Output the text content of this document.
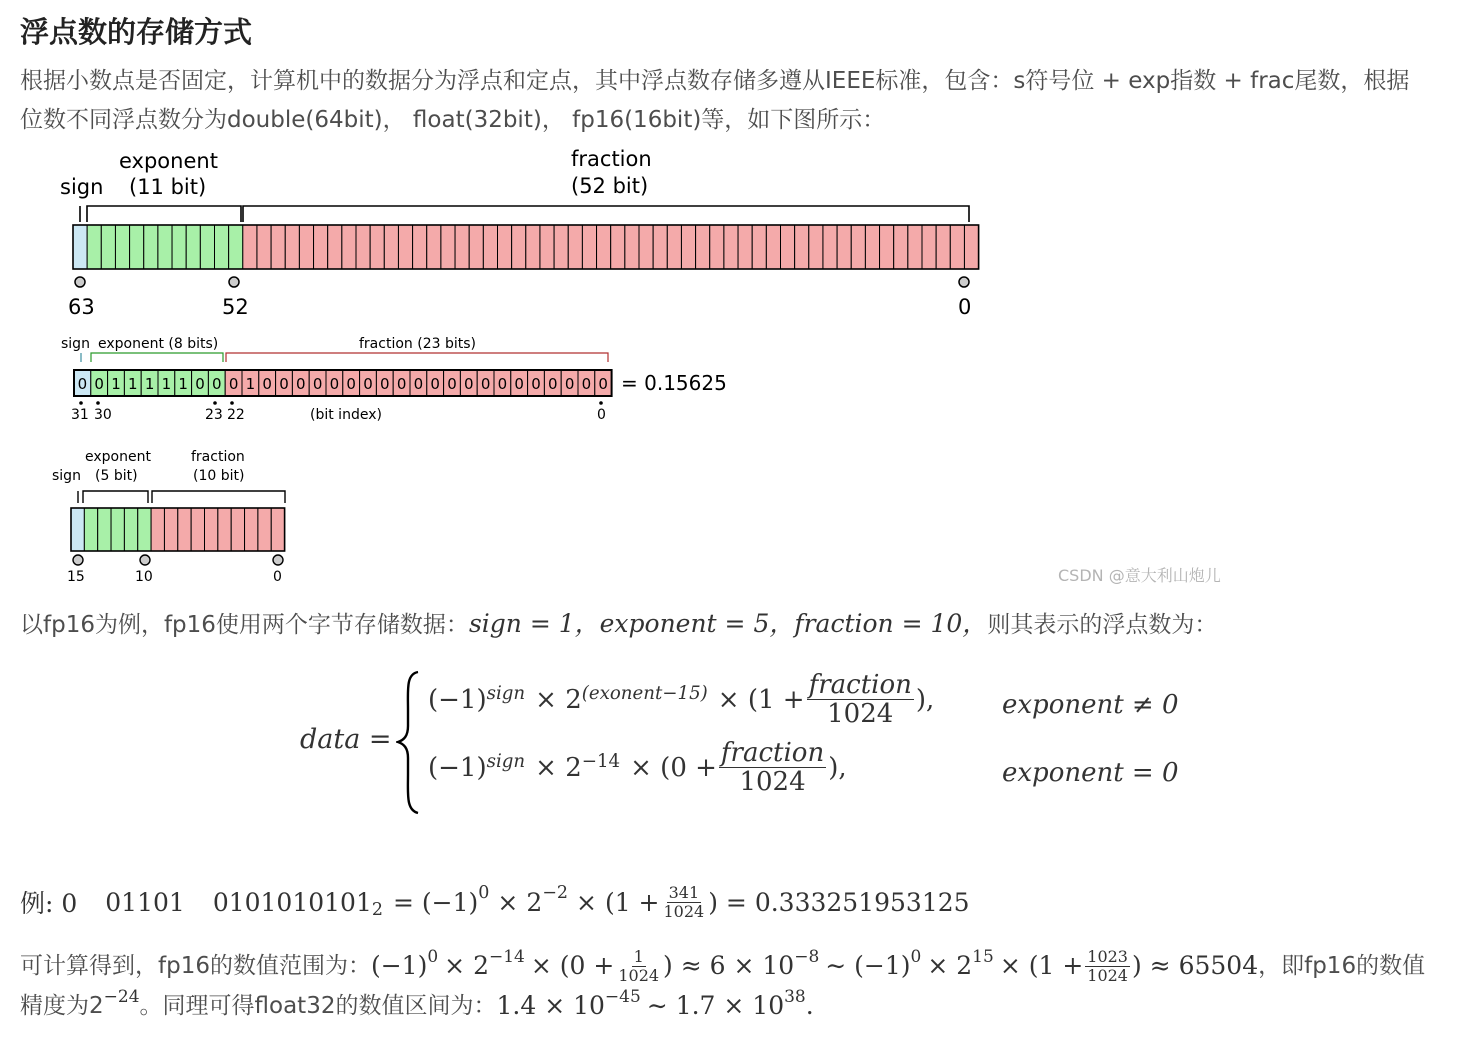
浮点数的存储方式
根据小数点是否固定，计算机中的数据分为浮点和定点，其中浮点数存储多遵从IEEE标准，包含：s符号位 + exp指数 + frac尾数，根据
位数不同浮点数分为double(64bit)， float(32bit)， fp16(16bit)等，如下图所示：
exponent
sign (11 bit)
fraction
(52 bit)
63	52	0
sign exponent (8 bits)	fraction (23 bits)
0 0 1 1 1 1 1 0 0 0 1 0 0 0 0 0 0 0 0 0 0 0 0 0 0 0 0 0 0 0 0 0 = 0.15625
31 30	23 22	(bit index)	0
exponent	fraction
sign (5 bit)	(10 bit)
15	10	0	CSDN @意大利山炮儿
以fp16为例，fp16使用两个字节存储数据：sign = 1，exponent = 5，fraction = 10，则其表示的浮点数为：
data =
$(-1)^{sign} \times 2^{(exonent-15)} \times (1 + \frac{\text{fraction}}{1024}$ ),	exponent ≠ 0
$(-1)^{sign} \times 2^{-14} \times (0 + \frac{\text{fraction}}{1024}$ ),	exponent = 0
例: 0 01101 $0101010101_2 = (-1)^0 \times 2^{-2} \times (1 + \frac{341}{1024}$ ) = 0.333251953125
可计算得到，fp16的数值范围为： $(-1)^0 \times 2^{-14} \times (0 + \frac{1}{1024}$ ) ≈ $6 \times 10^{-8}$ ∼ $(-1)^0 \times 2^{15} \times (1 + \frac{1023}{1024}$ ) ≈ 65504 ，即fp16的数值
精度为$2^{-24}$ 。同理可得float32的数值区间为： $1.4 \times 10^{-45}$ ∼ $1.7 \times 10^{38}$ .
